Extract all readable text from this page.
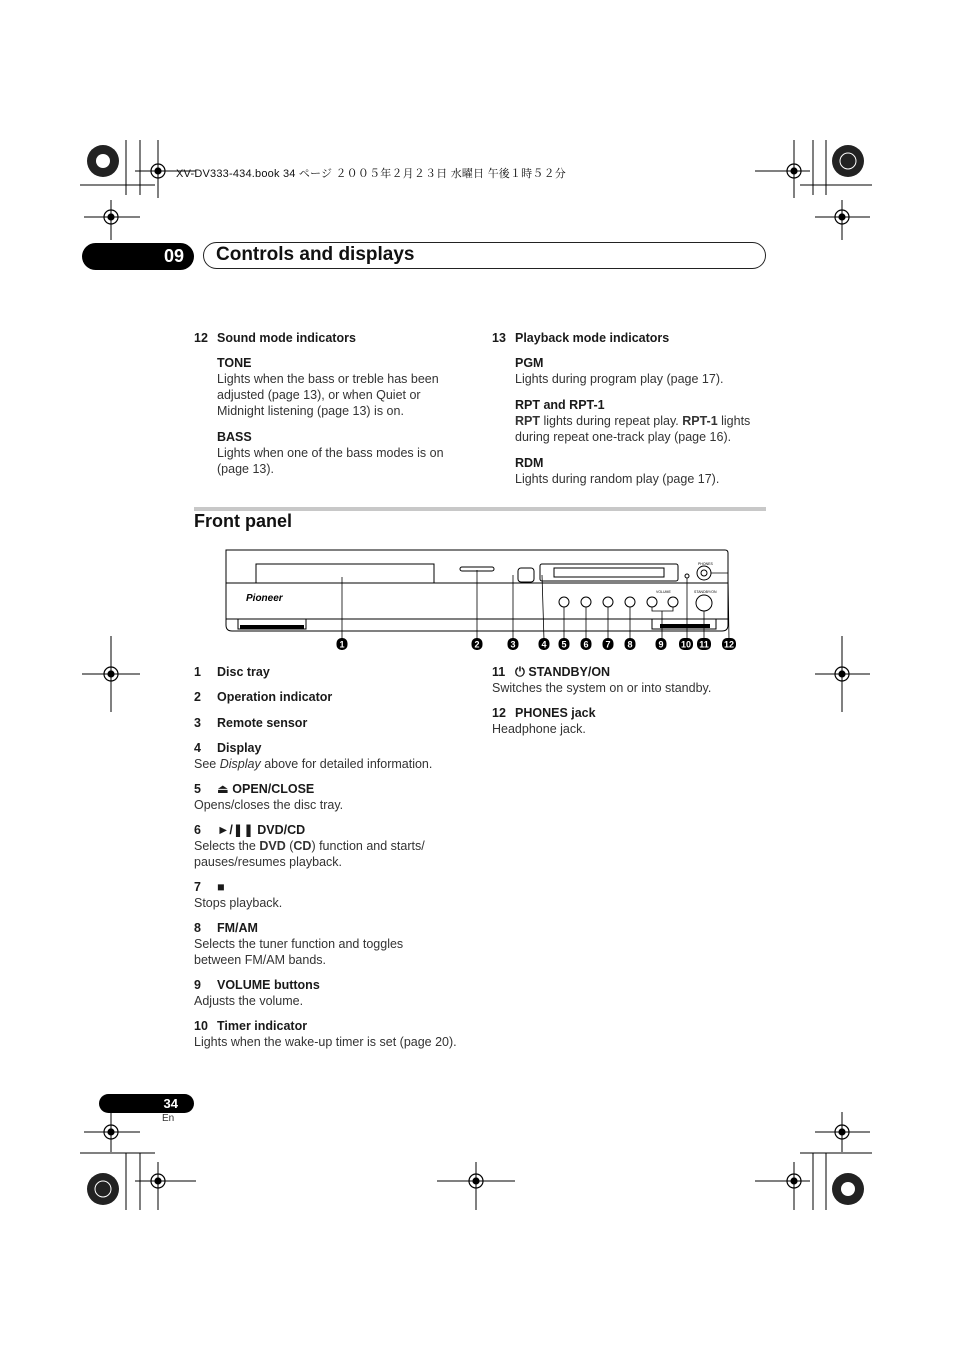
XV-DV333-434.book 34 ページ ２００５年２月２３日 水曜日 午後１時５２分
09	Controls and displays
12 Sound mode indicators
TONE
Lights when the bass or treble has been adjusted (page 13), or when Quiet or Midnight listening (page 13) is on.
BASS
Lights when one of the bass modes is on (page 13).
13 Playback mode indicators
PGM
Lights during program play (page 17).
RPT and RPT-1
RPT lights during repeat play. RPT-1 lights during repeat one-track play (page 16).
RDM
Lights during random play (page 17).
Front panel
Pioneer
PHONES
STANDBY/ON
VOLUME
1	2	3	4 5 6 7 8	9 10 11 12
1 Disc tray
2 Operation indicator
3 Remote sensor
4 Display
See Display above for detailed information.
5 ⏏ OPEN/CLOSE
Opens/closes the disc tray.
6 ►/❚❚ DVD/CD
Selects the DVD (CD) function and starts/ pauses/resumes playback.
7 ■
Stops playback.
8 FM/AM
Selects the tuner function and toggles between FM/AM bands.
9 VOLUME buttons
Adjusts the volume.
10 Timer indicator
Lights when the wake-up timer is set (page 20).
11 ⏻ STANDBY/ON
Switches the system on or into standby.
12 PHONES jack
Headphone jack.
34
En
